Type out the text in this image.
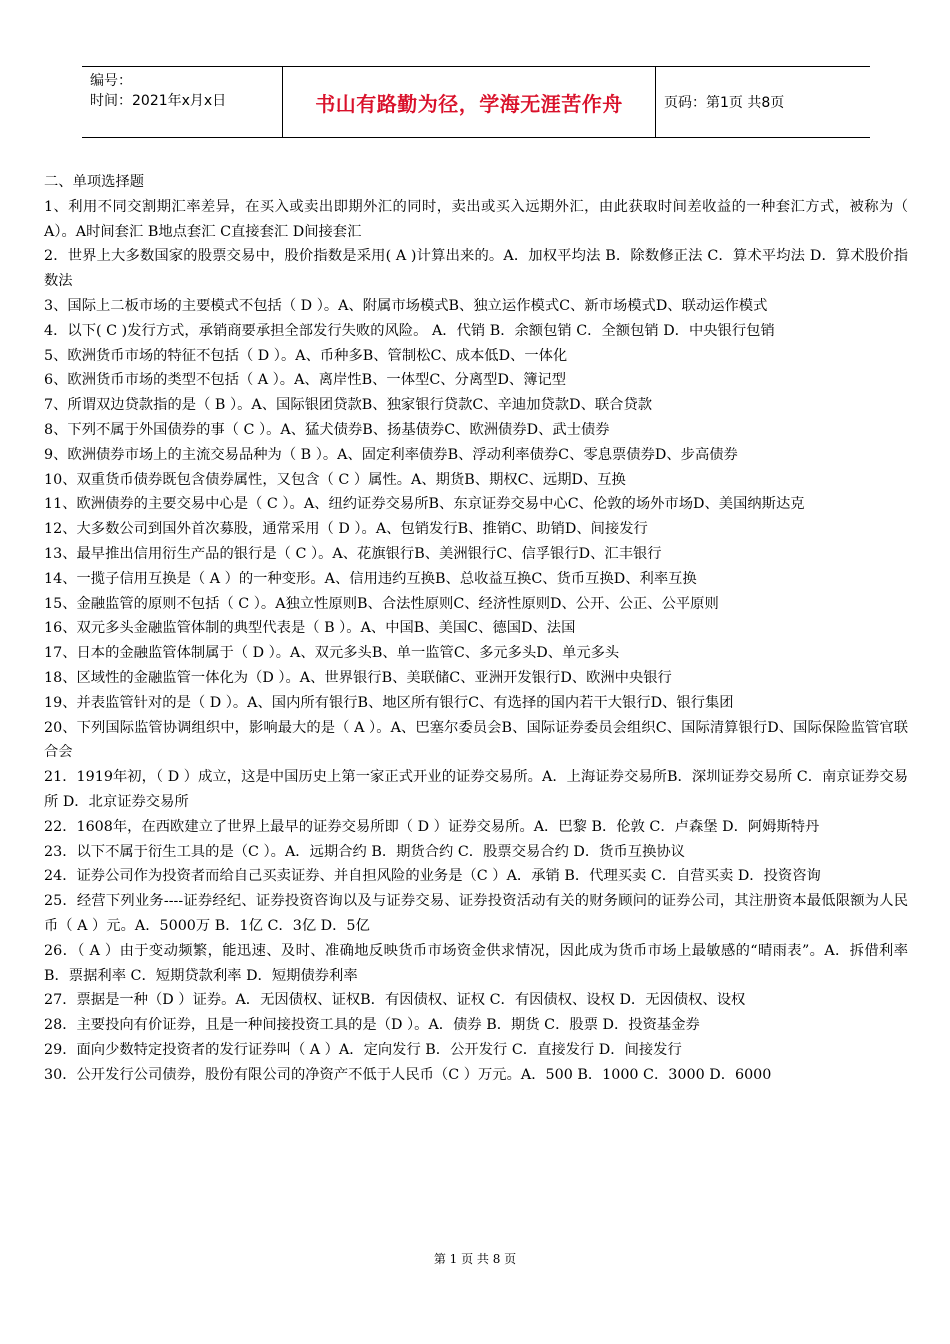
编号：
时间：2021年x月x日	书山有路勤为径，学海无涯苦作舟	页码：第1页 共8页

二、单项选择题

1、利用不同交割期汇率差异，在买入或卖出即期外汇的同时，卖出或买入远期外汇，由此获取时间差收益的一种套汇方式，被称为（ A）。A时间套汇 B地点套汇 C直接套汇 D间接套汇

2．世界上大多数国家的股票交易中，股价指数是采用( A )计算出来的。A．加权平均法 B．除数修正法 C．算术平均法 D．算术股价指数法

3、国际上二板市场的主要模式不包括（ D ）。A、附属市场模式B、独立运作模式C、新市场模式D、联动运作模式

4．以下( C )发行方式，承销商要承担全部发行失败的风险。 A．代销 B．余额包销 C．全额包销 D．中央银行包销

5、欧洲货币市场的特征不包括（ D ）。A、币种多B、管制松C、成本低D、一体化

6、欧洲货币市场的类型不包括（ A ）。A、离岸性B、一体型C、分离型D、簿记型

7、所谓双边贷款指的是（ B ）。A、国际银团贷款B、独家银行贷款C、辛迪加贷款D、联合贷款

8、下列不属于外国债券的事（ C ）。A、猛犬债券B、扬基债券C、欧洲债券D、武士债券

9、欧洲债券市场上的主流交易品种为（ B ）。A、固定利率债券B、浮动利率债券C、零息票债券D、步高债券

10、双重货币债券既包含债券属性，又包含（ C ）属性。A、期货B、期权C、远期D、互换

11、欧洲债券的主要交易中心是（ C ）。A、纽约证券交易所B、东京证券交易中心C、伦敦的场外市场D、美国纳斯达克

12、大多数公司到国外首次募股，通常采用（ D ）。A、包销发行B、推销C、助销D、间接发行

13、最早推出信用衍生产品的银行是（ C ）。A、花旗银行B、美洲银行C、信孚银行D、汇丰银行

14、一揽子信用互换是（ A ）的一种变形。A、信用违约互换B、总收益互换C、货币互换D、利率互换

15、金融监管的原则不包括（ C ）。A独立性原则B、合法性原则C、经济性原则D、公开、公正、公平原则

16、双元多头金融监管体制的典型代表是（ B ）。A、中国B、美国C、德国D、法国

17、日本的金融监管体制属于（ D ）。A、双元多头B、单一监管C、多元多头D、单元多头

18、区域性的金融监管一体化为（D ）。A、世界银行B、美联储C、亚洲开发银行D、欧洲中央银行

19、并表监管针对的是（ D ）。A、国内所有银行B、地区所有银行C、有选择的国内若干大银行D、银行集团

20、下列国际监管协调组织中，影响最大的是（ A ）。A、巴塞尔委员会B、国际证券委员会组织C、国际清算银行D、国际保险监管官联合会

21．1919年初，（ D ）成立，这是中国历史上第一家正式开业的证券交易所。A．上海证券交易所B．深圳证券交易所 C．南京证券交易所 D．北京证券交易所

22．1608年，在西欧建立了世界上最早的证券交易所即（ D ）证券交易所。A．巴黎 B．伦敦 C．卢森堡 D．阿姆斯特丹

23．以下不属于衍生工具的是（C ）。A．远期合约 B．期货合约 C．股票交易合约 D．货币互换协议

24．证券公司作为投资者而给自己买卖证券、并自担风险的业务是（C ）A．承销 B．代理买卖 C．自营买卖 D．投资咨询

25．经营下列业务----证券经纪、证券投资咨询以及与证券交易、证券投资活动有关的财务顾问的证券公司，其注册资本最低限额为人民币（ A ）元。A．5000万 B．1亿 C．3亿 D．5亿

26．（ A ）由于变动频繁，能迅速、及时、准确地反映货币市场资金供求情况，因此成为货币市场上最敏感的“晴雨表”。A．拆借利率 B．票据利率 C．短期贷款利率 D．短期债券利率

27．票据是一种（D ）证券。A．无因债权、证权B．有因债权、证权 C．有因债权、设权 D．无因债权、设权

28．主要投向有价证券，且是一种间接投资工具的是（D ）。A．债券 B．期货 C．股票 D．投资基金券

29．面向少数特定投资者的发行证券叫（ A ）A．定向发行 B．公开发行 C．直接发行 D．间接发行

30．公开发行公司债券，股份有限公司的净资产不低于人民币（C ）万元。A．500 B．1000 C．3000 D．6000

第 1 页 共 8 页
